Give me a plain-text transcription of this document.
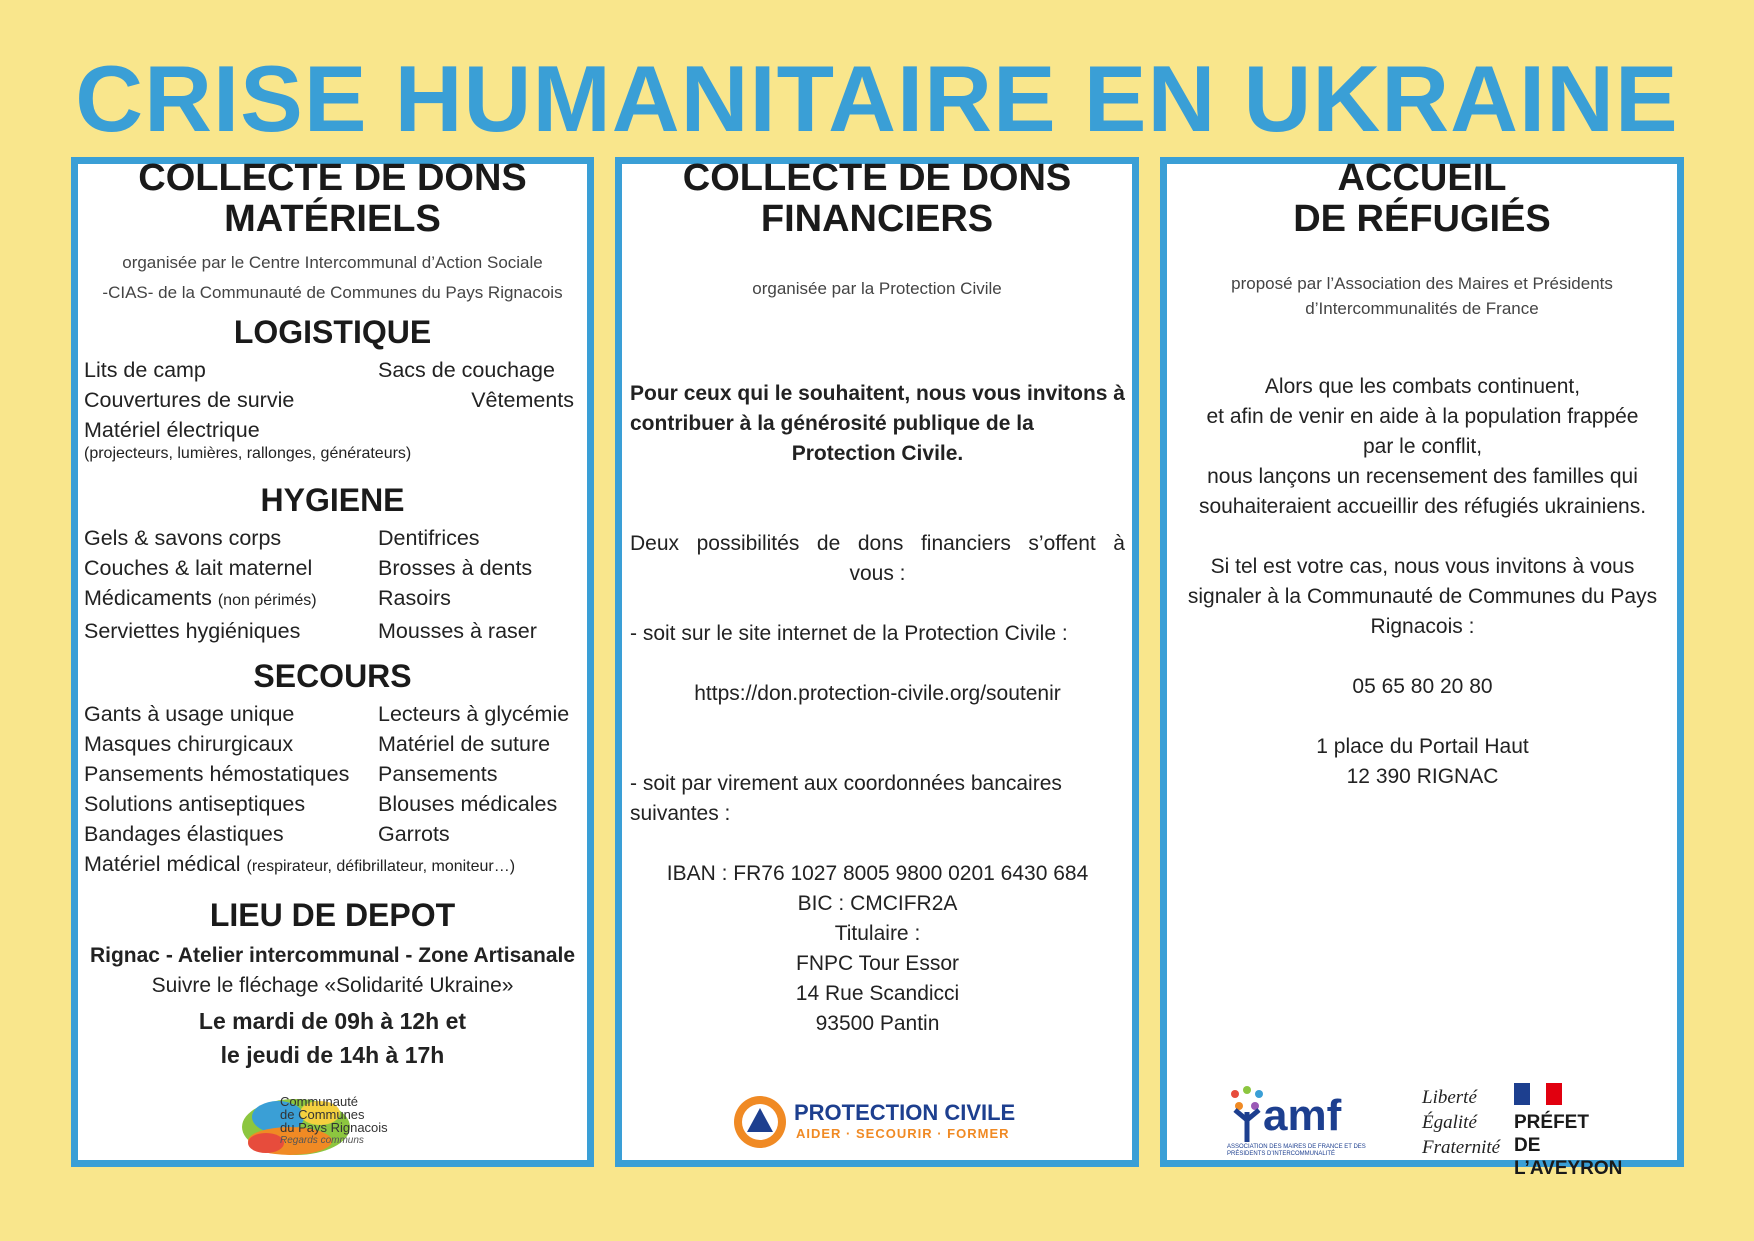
CRISE HUMANITAIRE EN UKRAINE
COLLECTE DE DONS
MATÉRIELS
organisée par le Centre Intercommunal d’Action Sociale
-CIAS- de la Communauté de Communes du Pays Rignacois
LOGISTIQUE
Lits de camp	Sacs de couchage
Couvertures de survie	Vêtements
Matériel électrique
(projecteurs, lumières, rallonges, générateurs)
HYGIENE
Gels & savons corps	Dentifrices
Couches & lait maternel	Brosses à dents
Médicaments (non périmés)	Rasoirs
Serviettes hygiéniques	Mousses à raser
SECOURS
Gants à usage unique	Lecteurs à glycémie
Masques chirurgicaux	Matériel de suture
Pansements hémostatiques	Pansements
Solutions antiseptiques	Blouses médicales
Bandages élastiques	Garrots
Matériel médical (respirateur, défibrillateur, moniteur…)
LIEU DE DEPOT
Rignac - Atelier intercommunal - Zone Artisanale
Suivre le fléchage «Solidarité Ukraine»
Le mardi de 09h à 12h et
le jeudi de 14h à 17h
Communauté
de Communes
du Pays Rignacois
Regards communs
COLLECTE DE DONS
FINANCIERS
organisée par la Protection Civile
Pour ceux qui le souhaitent, nous vous invitons à contribuer à la générosité publique de la
Protection Civile.
Deux possibilités de dons financiers s’offent à
vous :
- soit sur le site internet de la Protection Civile :
https://don.protection-civile.org/soutenir
- soit par virement aux coordonnées bancaires suivantes :
IBAN : FR76 1027 8005 9800 0201 6430 684
BIC : CMCIFR2A
Titulaire :
FNPC Tour Essor
14 Rue Scandicci
93500 Pantin
PROTECTION CIVILE
AIDER · SECOURIR · FORMER
ACCUEIL
DE RÉFUGIÉS
proposé par l’Association des Maires et Présidents
d’Intercommunalités de France
Alors que les combats continuent,
et afin de venir en aide à la population frappée
par le conflit,
nous lançons un recensement des familles qui
souhaiteraient accueillir des réfugiés ukrainiens.
Si tel est votre cas, nous vous invitons à vous
signaler à la Communauté de Communes du Pays
Rignacois :
05 65 80 20 80
1 place du Portail Haut
12 390 RIGNAC
amf
ASSOCIATION DES MAIRES DE FRANCE ET DES PRÉSIDENTS D’INTERCOMMUNALITÉ
Liberté
Égalité
Fraternité
PRÉFET
DE L’AVEYRON
